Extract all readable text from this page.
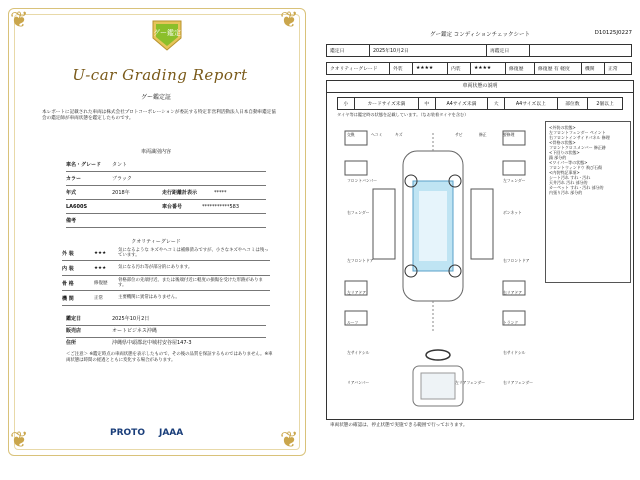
❦	❦
❦	❦
グー鑑定
U-car Grading Report
グー鑑定証
本レポートに記載された車両は株式会社プロトコーポレーションが委託する特定非営利活動法人日本自動車鑑定協会の鑑定師が車両状態を鑑定したものです。
車両識別内容
車名・グレード	タント
カラー	ブラック
年式	2018年	走行距離計表示	*****
LA600S	車台番号	***********583
備考
クオリティーグレード
外 装	★★★
気になるような キズやヘコミは補修済みですが、小さなキズやヘコミは残っています。
内 装	★★★	気になる汚れ等が部分的にあります。
骨 格	修復歴
骨格部位の先端付近、または後端付近に軽度の損傷を受けた形跡があります。
機 関	正常	主要機関に異常はありません。
鑑定日	2025年10月2日
販売店	オートビジネス沖縄
住所	沖縄県中頭郡北中城村安谷屋147-3
＜ご注意＞ ※鑑定時点の車両状態を表示したもので、その後の品質を保証するものではありません。※車両状態は時間の経過とともに変化する場合があります。
PROTO JAAA
グー鑑定 コンディションチェックシート	D10125J0227
鑑定日	2025年10月2日	再鑑定日	
クオリティーグレード	外装	★★★★	内装	★★★★	修復歴	修復歴 有 軽度	機関	正常
車両状態の説明
小	カードサイズ未満	中	A4サイズ未満	大	A4サイズ以上	部位数	2個以上
タイヤ等は鑑定時の状態を記載しています。（なお装着タイヤを含む）
交換	ヘコミ	キズ	サビ	修正	要修理
フロントバンパー	左フェンダー
右フェンダー	ボンネット
左フロントドア	右フロントドア
左リアドア	右リアドア
ルーフ	トランク
左サイドシル	右サイドシル
リアバンパー	左リアフェンダー	右リアフェンダー
<外装の状態>
左フロントフェンダー ペイント
右フロントインサイドパネル 修理
<骨格の状態>
フロントクロスメンバー 修正跡
<下回りの状態>
錆 部分的
<ワイパー等の状態>
フロントウィンドウ 飛び石傷
<内装特記事項>
シート汚れ すれ・汚れ
天井汚れ 汚れ 部分的
カーペット すれ・汚れ 部分的
内張り汚れ 部分的
車両状態の確認は、停止状態で実施できる範囲で行っております。
